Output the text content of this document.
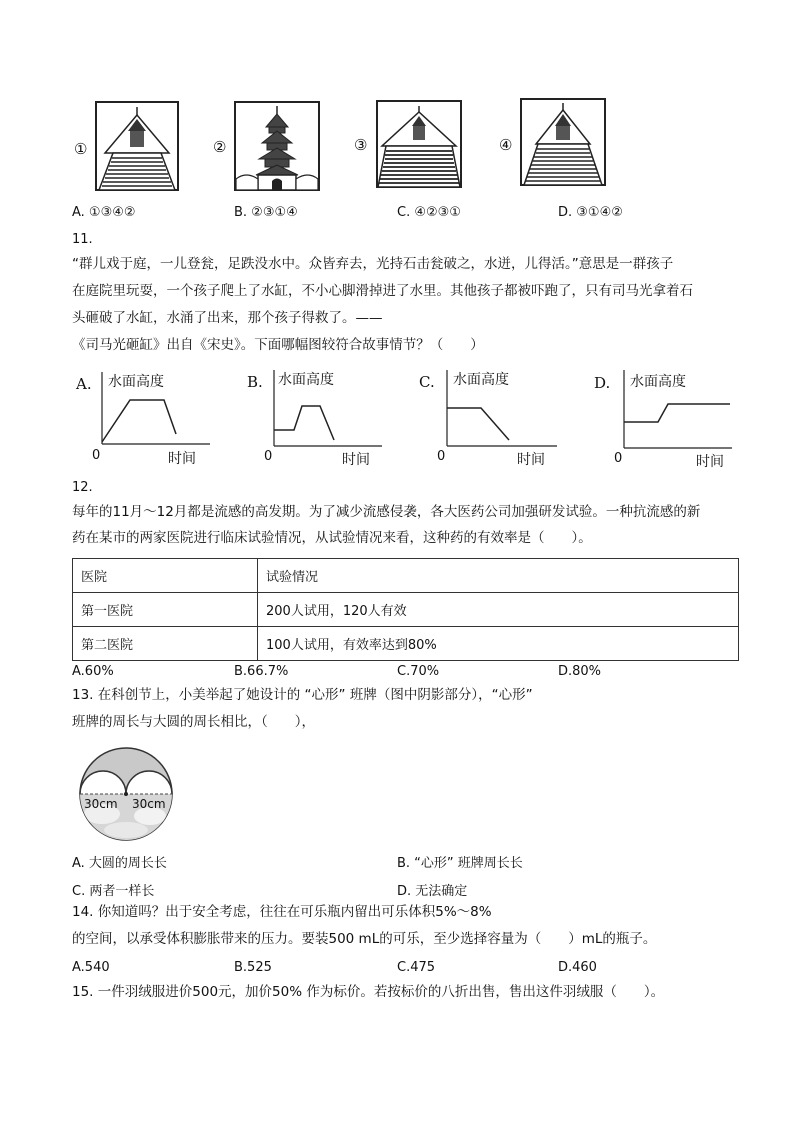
①	②	③	④
A. ①③④②	B. ②③①④	C. ④②③①	D. ③①④②
11.
“群儿戏于庭，一儿登瓮，足跌没水中。众皆弃去，光持石击瓮破之，水迸，儿得活。”意思是一群孩子
在庭院里玩耍，一个孩子爬上了水缸，不小心脚滑掉进了水里。其他孩子都被吓跑了，只有司马光拿着石
头砸破了水缸，水涌了出来，那个孩子得救了。——
《司马光砸缸》出自《宋史》。下面哪幅图较符合故事情节？（　　）
A. 水面高度
0	时间
B. 水面高度
0	时间
C. 水面高度
0	时间
D. 水面高度
0	时间
12.
每年的11月～12月都是流感的高发期。为了减少流感侵袭，各大医药公司加强研发试验。一种抗流感的新
药在某市的两家医院进行临床试验情况，从试验情况来看，这种药的有效率是（　　）。
医院	试验情况
第一医院	200人试用，120人有效
第二医院	100人试用，有效率达到80%
A.60%	B.66.7%	C.70%	D.80%
13. 在科创节上，小美举起了她设计的 “心形” 班牌（图中阴影部分），“心形”
班牌的周长与大圆的周长相比，（　　），
30cm 30cm
A. 大圆的周长长	B. “心形” 班牌周长长
C. 两者一样长	D. 无法确定
14. 你知道吗？出于安全考虑，往往在可乐瓶内留出可乐体积5%～8%
的空间，以承受体积膨胀带来的压力。要装500 mL的可乐，至少选择容量为（　　）mL的瓶子。
A.540	B.525	C.475	D.460
15. 一件羽绒服进价500元，加价50% 作为标价。若按标价的八折出售，售出这件羽绒服（　　）。
